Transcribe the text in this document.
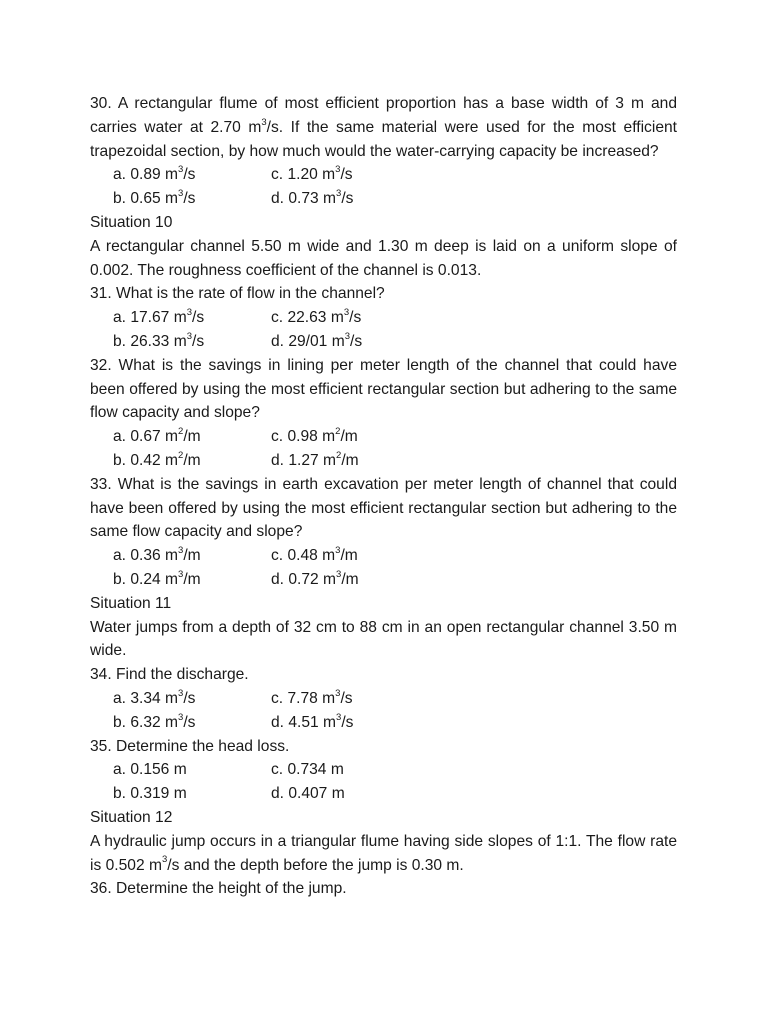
30. A rectangular flume of most efficient proportion has a base width of 3 m and carries water at 2.70 $m^3/s$. If the same material were used for the most efficient trapezoidal section, by how much would the water-carrying capacity be increased?

a. 0.89 $m^3/s$	c. 1.20 $m^3/s$
b. 0.65 $m^3/s$	d. 0.73 $m^3/s$

Situation 10

A rectangular channel 5.50 m wide and 1.30 m deep is laid on a uniform slope of 0.002. The roughness coefficient of the channel is 0.013.

31. What is the rate of flow in the channel?

a. 17.67 $m^3/s$	c. 22.63 $m^3/s$
b. 26.33 $m^3/s$	d. 29/01 $m^3/s$

32. What is the savings in lining per meter length of the channel that could have been offered by using the most efficient rectangular section but adhering to the same flow capacity and slope?

a. 0.67 $m^2/m$	c. 0.98 $m^2/m$
b. 0.42 $m^2/m$	d. 1.27 $m^2/m$

33. What is the savings in earth excavation per meter length of channel that could have been offered by using the most efficient rectangular section but adhering to the same flow capacity and slope?

a. 0.36 $m^3/m$	c. 0.48 $m^3/m$
b. 0.24 $m^3/m$	d. 0.72 $m^3/m$

Situation 11

Water jumps from a depth of 32 cm to 88 cm in an open rectangular channel 3.50 m wide.

34. Find the discharge.

a. 3.34 $m^3/s$	c. 7.78 $m^3/s$
b. 6.32 $m^3/s$	d. 4.51 $m^3/s$

35. Determine the head loss.

a. 0.156 m	c. 0.734 m
b. 0.319 m	d. 0.407 m

Situation 12

A hydraulic jump occurs in a triangular flume having side slopes of 1:1. The flow rate is 0.502 $m^3/s$ and the depth before the jump is 0.30 m.

36. Determine the height of the jump.
